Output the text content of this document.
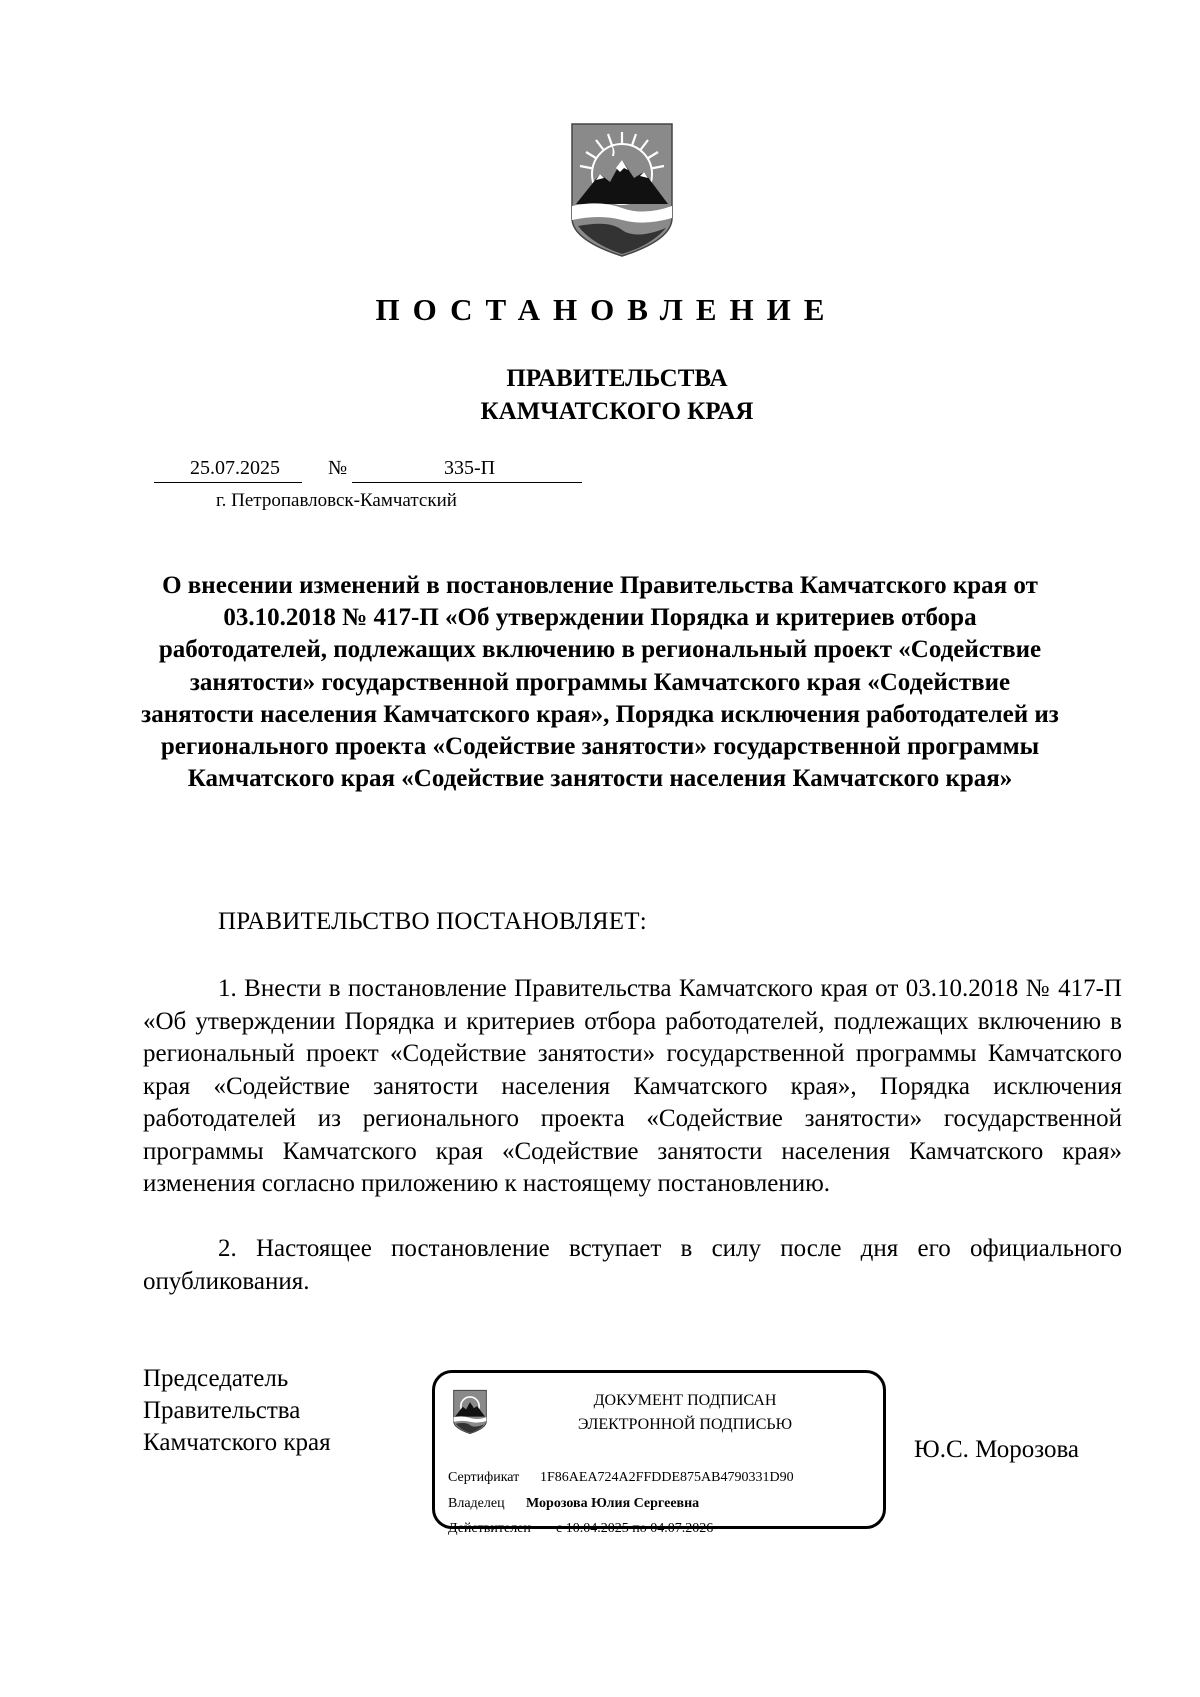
ПОСТАНОВЛЕНИЕ
ПРАВИТЕЛЬСТВА
КАМЧАТСКОГО КРАЯ
25.07.2025 №	335-П
г. Петропавловск-Камчатский
О внесении изменений в постановление Правительства Камчатского края от 03.10.2018 № 417-П «Об утверждении Порядка и критериев отбора работодателей, подлежащих включению в региональный проект «Содействие занятости» государственной программы Камчатского края «Содействие занятости населения Камчатского края», Порядка исключения работодателей из регионального проекта «Содействие занятости» государственной программы Камчатского края «Содействие занятости населения Камчатского края»
ПРАВИТЕЛЬСТВО ПОСТАНОВЛЯЕТ:
1. Внести в постановление Правительства Камчатского края от 03.10.2018 № 417-П «Об утверждении Порядка и критериев отбора работодателей, подлежащих включению в региональный проект «Содействие занятости» государственной программы Камчатского края «Содействие занятости населения Камчатского края», Порядка исключения работодателей из регионального проекта «Содействие занятости» государственной программы Камчатского края «Содействие занятости населения Камчатского края» изменения согласно приложению к настоящему постановлению.
2. Настоящее постановление вступает в силу после дня его официального опубликования.
Председатель
Правительства
Камчатского края
ДОКУМЕНТ ПОДПИСАН
ЭЛЕКТРОННОЙ ПОДПИСЬЮ
Сертификат 1F86AEA724A2FFDDE875AB4790331D90
Владелец Морозова Юлия Сергеевна
Действителен с 10.04.2025 по 04.07.2026
Ю.С. Морозова
